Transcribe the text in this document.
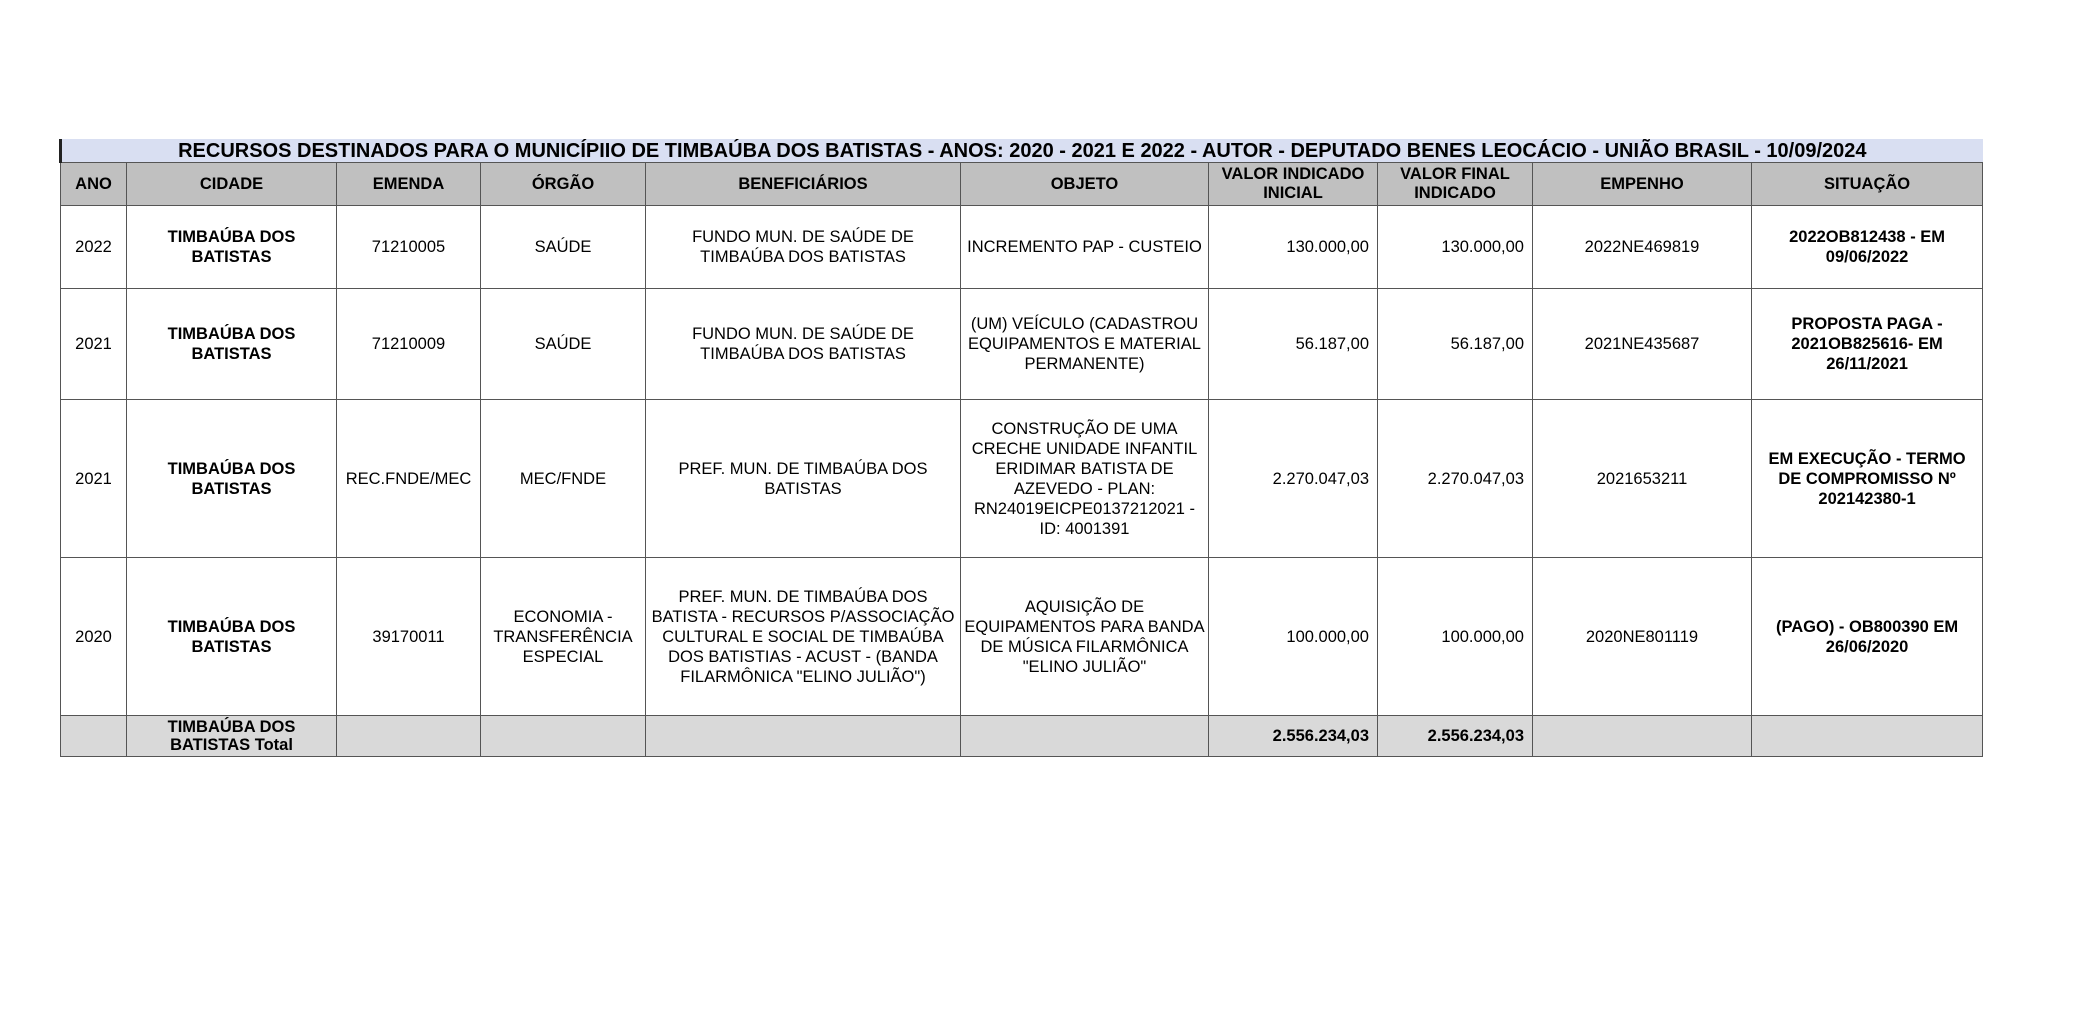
RECURSOS DESTINADOS PARA O MUNICÍPIIO DE TIMBAÚBA DOS BATISTAS - ANOS: 2020 - 2021 E 2022 - AUTOR - DEPUTADO BENES LEOCÁCIO - UNIÃO BRASIL - 10/09/2024									
ANO	CIDADE	EMENDA	ÓRGÃO	BENEFICIÁRIOS	OBJETO	VALOR INDICADO INICIAL	VALOR FINAL INDICADO	EMPENHO	SITUAÇÃO
2022	TIMBAÚBA DOS BATISTAS	71210005	SAÚDE	FUNDO MUN. DE SAÚDE DE TIMBAÚBA DOS BATISTAS	INCREMENTO PAP - CUSTEIO	130.000,00	130.000,00	2022NE469819	2022OB812438 - EM 09/06/2022
2021	TIMBAÚBA DOS BATISTAS	71210009	SAÚDE	FUNDO MUN. DE SAÚDE DE TIMBAÚBA DOS BATISTAS	(UM) VEÍCULO (CADASTROU EQUIPAMENTOS E MATERIAL PERMANENTE)	56.187,00	56.187,00	2021NE435687	PROPOSTA PAGA - 2021OB825616- EM 26/11/2021
2021	TIMBAÚBA DOS BATISTAS	REC.FNDE/MEC	MEC/FNDE	PREF. MUN. DE TIMBAÚBA DOS BATISTAS	CONSTRUÇÃO DE UMA CRECHE UNIDADE INFANTIL ERIDIMAR BATISTA DE AZEVEDO - PLAN: RN24019EICPE0137212021 - ID: 4001391	2.270.047,03	2.270.047,03	2021653211	EM EXECUÇÃO - TERMO DE COMPROMISSO Nº 202142380-1
2020	TIMBAÚBA DOS BATISTAS	39170011	ECONOMIA - TRANSFERÊNCIA ESPECIAL	PREF. MUN. DE TIMBAÚBA DOS BATISTA - RECURSOS P/ASSOCIAÇÃO CULTURAL E SOCIAL DE TIMBAÚBA DOS BATISTIAS - ACUST - (BANDA FILARMÔNICA "ELINO JULIÃO")	AQUISIÇÃO DE EQUIPAMENTOS PARA BANDA DE MÚSICA FILARMÔNICA "ELINO JULIÃO"	100.000,00	100.000,00	2020NE801119	(PAGO) - OB800390 EM 26/06/2020
	TIMBAÚBA DOS BATISTAS Total					2.556.234,03	2.556.234,03		
